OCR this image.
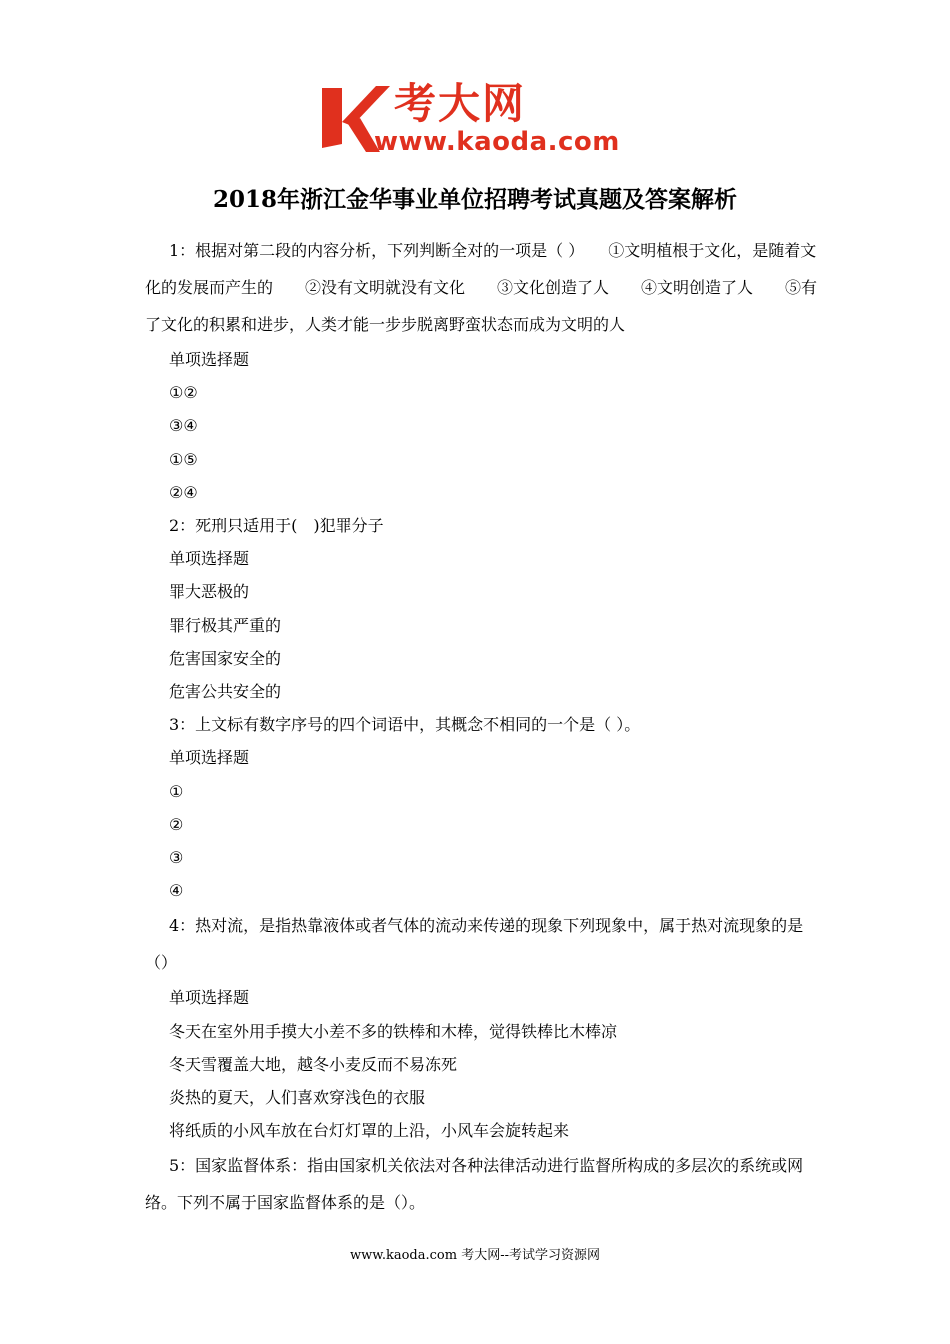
考大网
www.kaoda.com
2018年浙江金华事业单位招聘考试真题及答案解析

1：根据对第二段的内容分析，下列判断全对的一项是（ ）　　①文明植根于文化，是随着文化的发展而产生的　　②没有文明就没有文化　　③文化创造了人　　④文明创造了人　　⑤有了文化的积累和进步，人类才能一步步脱离野蛮状态而成为文明的人

单项选择题

①②

③④

①⑤

②④

2：死刑只适用于(　)犯罪分子

单项选择题

罪大恶极的

罪行极其严重的

危害国家安全的

危害公共安全的

3：上文标有数字序号的四个词语中，其概念不相同的一个是（ ）。

单项选择题

①

②

③

④

4：热对流，是指热靠液体或者气体的流动来传递的现象下列现象中，属于热对流现象的是（）

单项选择题

冬天在室外用手摸大小差不多的铁棒和木棒，觉得铁棒比木棒凉

冬天雪覆盖大地，越冬小麦反而不易冻死

炎热的夏天，人们喜欢穿浅色的衣服

将纸质的小风车放在台灯灯罩的上沿，小风车会旋转起来

5：国家监督体系：指由国家机关依法对各种法律活动进行监督所构成的多层次的系统或网络。下列不属于国家监督体系的是（）。

www.kaoda.com 考大网--考试学习资源网
